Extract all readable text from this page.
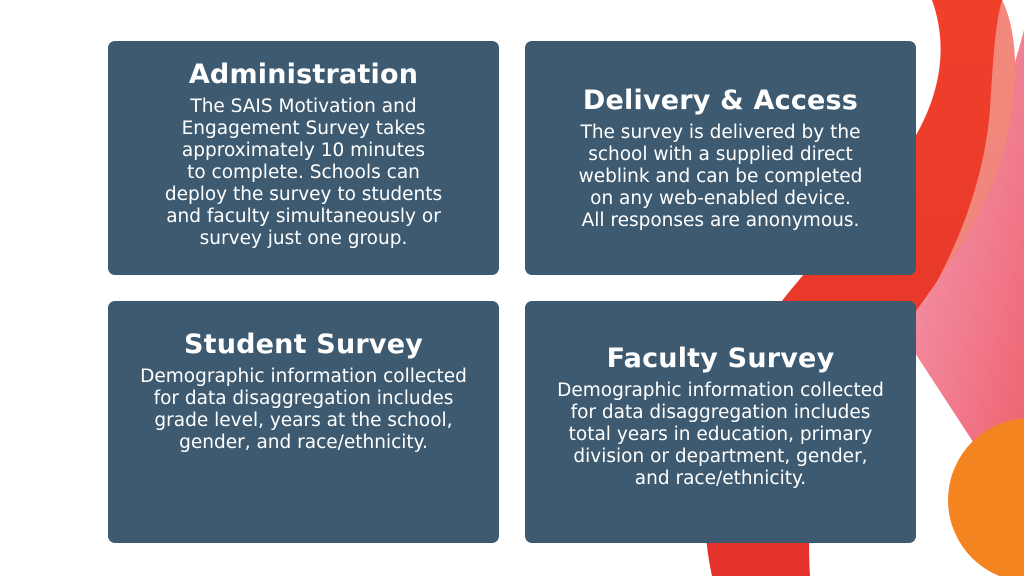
Administration

The SAIS Motivation and
Engagement Survey takes
approximately 10 minutes
to complete. Schools can
deploy the survey to students
and faculty simultaneously or
survey just one group.

Delivery & Access

The survey is delivered by the
school with a supplied direct
weblink and can be completed
on any web-enabled device.
All responses are anonymous.

Student Survey

Demographic information collected
for data disaggregation includes
grade level, years at the school,
gender, and race/ethnicity.

Faculty Survey

Demographic information collected
for data disaggregation includes
total years in education, primary
division or department, gender,
and race/ethnicity.
